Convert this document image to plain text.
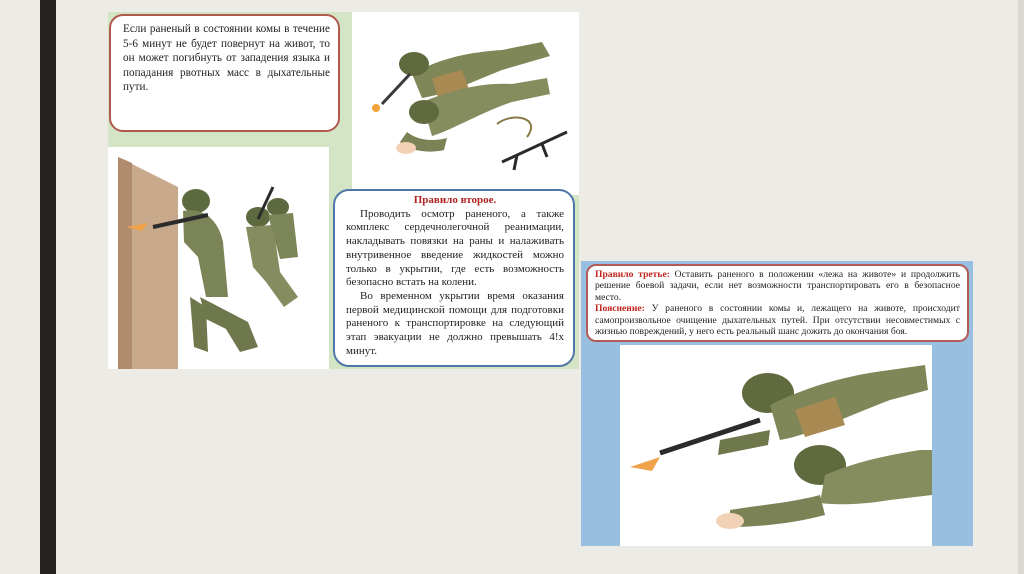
Если раненый в состоянии комы в течение 5-6 минут не будет повернут на живот, то он может погибнуть от западения языка и попадания рвотных масс в дыхательные пути.
Правило второе.

Проводить осмотр раненого, а также комплекс сердечнолегочной реанимации, накладывать повязки на раны и налаживать внутривенное введение жидкостей можно только в укрытии, где есть возможность безопасно встать на колени.

Во временном укрытии время оказания первой медицинской помощи для подготовки раненого к транспортировке на следующий этап эвакуации не должно превышать 4!х минут.

Правило третье: Оставить раненого в положении «лежа на животе» и продолжить решение боевой задачи, если нет возможности транспортировать его в безопасное место.

Пояснение: У раненого в состоянии комы и, лежащего на животе, происходит самопроизвольное очищение дыхательных путей. При отсутствии несовместимых с жизнью повреждений, у него есть реальный шанс дожить до окончания боя.
